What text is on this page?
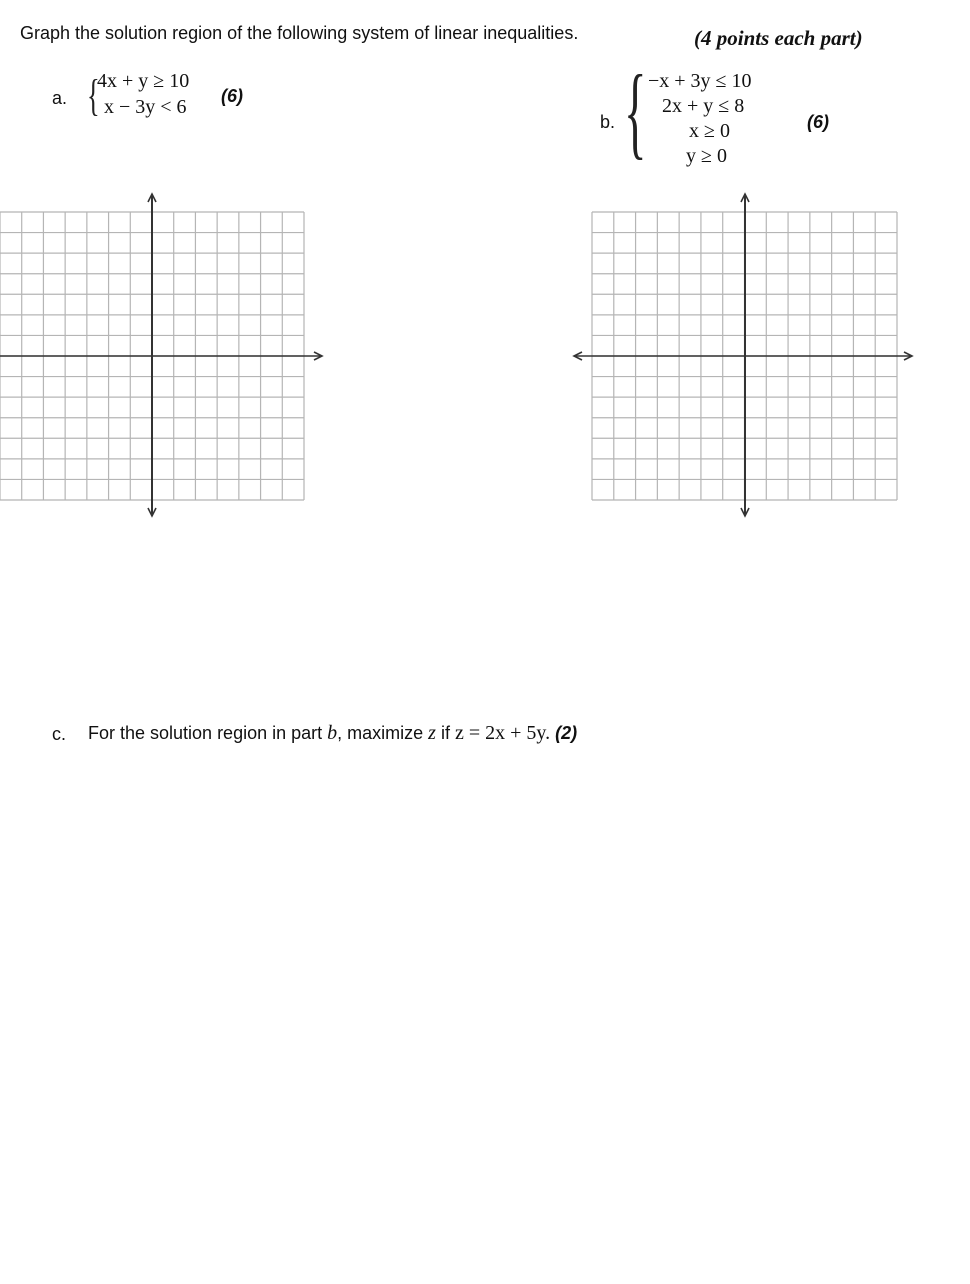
Graph the solution region of the following system of linear inequalities.	(4 points each part)
a. {
4x + y ≥ 10
x − 3y < 6 (6)
b. { −x + 3y ≤ 10
2x + y ≤ 8
x ≥ 0
y ≥ 0
(6)
c. For the solution region in part b, maximize z if z = 2x + 5y. (2)
